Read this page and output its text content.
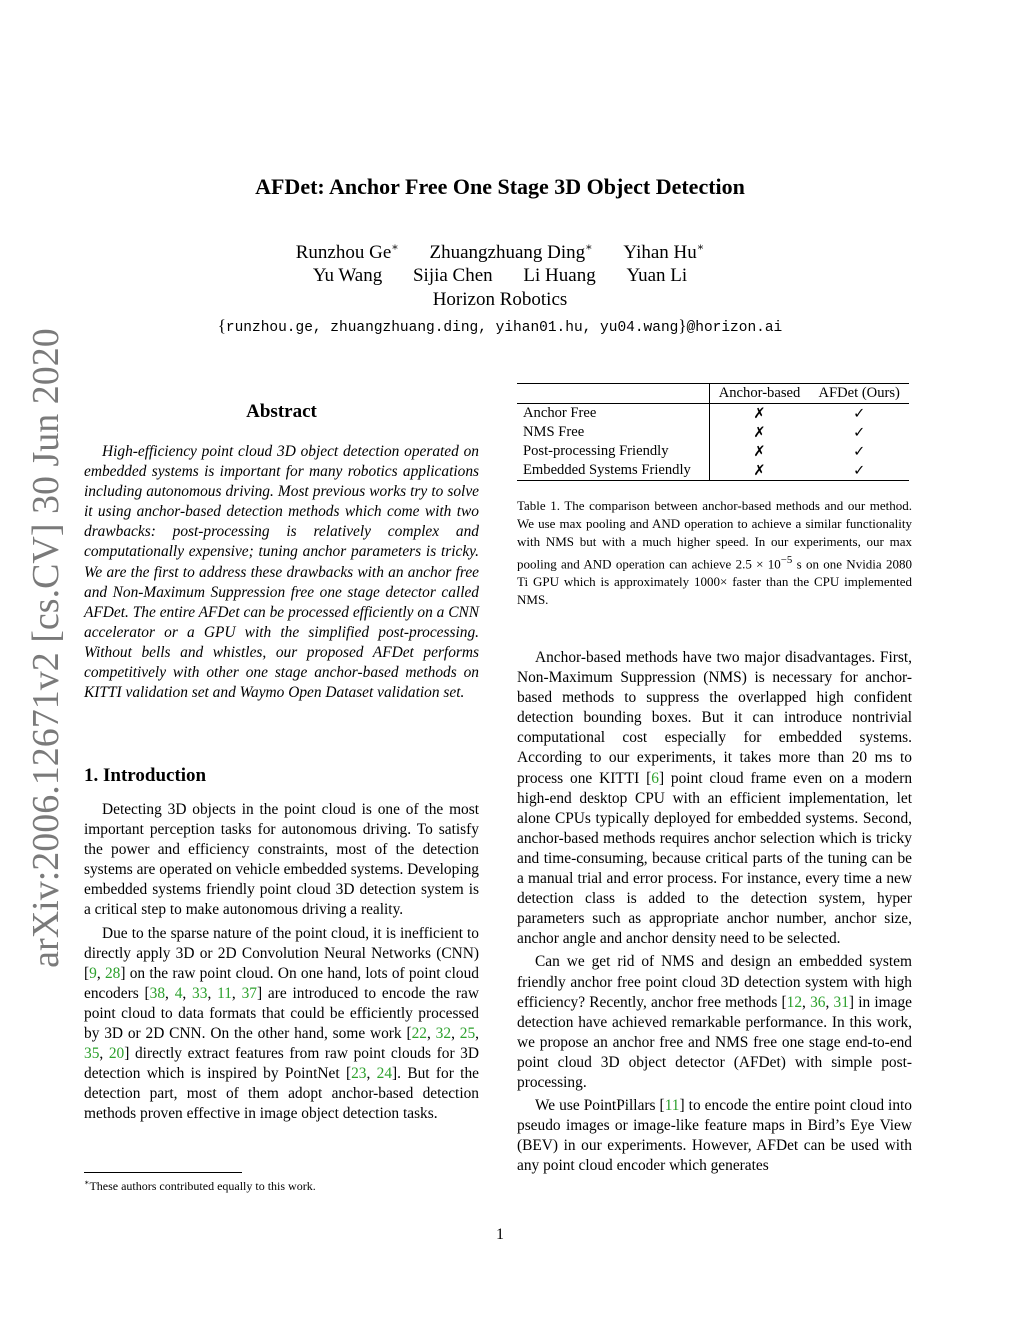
arXiv:2006.12671v2 [cs.CV] 30 Jun 2020
AFDet: Anchor Free One Stage 3D Object Detection
Runzhou Ge∗ Zhuangzhuang Ding∗ Yihan Hu∗
Yu Wang Sijia Chen Li Huang Yuan Li
Horizon Robotics
{runzhou.ge, zhuangzhuang.ding, yihan01.hu, yu04.wang}@horizon.ai
Abstract
High-efficiency point cloud 3D object detection operated on embedded systems is important for many robotics applications including autonomous driving. Most previous works try to solve it using anchor-based detection methods which come with two drawbacks: post-processing is relatively complex and computationally expensive; tuning anchor parameters is tricky. We are the first to address these drawbacks with an anchor free and Non-Maximum Suppression free one stage detector called AFDet. The entire AFDet can be processed efficiently on a CNN accelerator or a GPU with the simplified post-processing. Without bells and whistles, our proposed AFDet performs competitively with other one stage anchor-based methods on KITTI validation set and Waymo Open Dataset validation set.
1. Introduction

Detecting 3D objects in the point cloud is one of the most important perception tasks for autonomous driving. To satisfy the power and efficiency constraints, most of the detection systems are operated on vehicle embedded systems. Developing embedded systems friendly point cloud 3D detection system is a critical step to make autonomous driving a reality.

Due to the sparse nature of the point cloud, it is inefficient to directly apply 3D or 2D Convolution Neural Networks (CNN) [9, 28] on the raw point cloud. On one hand, lots of point cloud encoders [38, 4, 33, 11, 37] are introduced to encode the raw point cloud to data formats that could be efficiently processed by 3D or 2D CNN. On the other hand, some work [22, 32, 25, 35, 20] directly extract features from raw point clouds for 3D detection which is inspired by PointNet [23, 24]. But for the detection part, most of them adopt anchor-based detection methods proven effective in image object detection tasks.

∗These authors contributed equally to this work.
	Anchor-based	AFDet (Ours)
Anchor Free	✗	✓
NMS Free	✗	✓
Post-processing Friendly	✗	✓
Embedded Systems Friendly	✗	✓
Table 1. The comparison between anchor-based methods and our method. We use max pooling and AND operation to achieve a similar functionality with NMS but with a much higher speed. In our experiments, our max pooling and AND operation can achieve $2.5 \times 10^{-5}$ s on one Nvidia 2080 Ti GPU which is approximately 1000× faster than the CPU implemented NMS.

Anchor-based methods have two major disadvantages. First, Non-Maximum Suppression (NMS) is necessary for anchor-based methods to suppress the overlapped high confident detection bounding boxes. But it can introduce nontrivial computational cost especially for embedded systems. According to our experiments, it takes more than 20 ms to process one KITTI [6] point cloud frame even on a modern high-end desktop CPU with an efficient implementation, let alone CPUs typically deployed for embedded systems. Second, anchor-based methods requires anchor selection which is tricky and time-consuming, because critical parts of the tuning can be a manual trial and error process. For instance, every time a new detection class is added to the detection system, hyper parameters such as appropriate anchor number, anchor size, anchor angle and anchor density need to be selected.

Can we get rid of NMS and design an embedded system friendly anchor free point cloud 3D detection system with high efficiency? Recently, anchor free methods [12, 36, 31] in image detection have achieved remarkable performance. In this work, we propose an anchor free and NMS free one stage end-to-end point cloud 3D object detector (AFDet) with simple post-processing.

We use PointPillars [11] to encode the entire point cloud into pseudo images or image-like feature maps in Bird’s Eye View (BEV) in our experiments. However, AFDet can be used with any point cloud encoder which generates

1
